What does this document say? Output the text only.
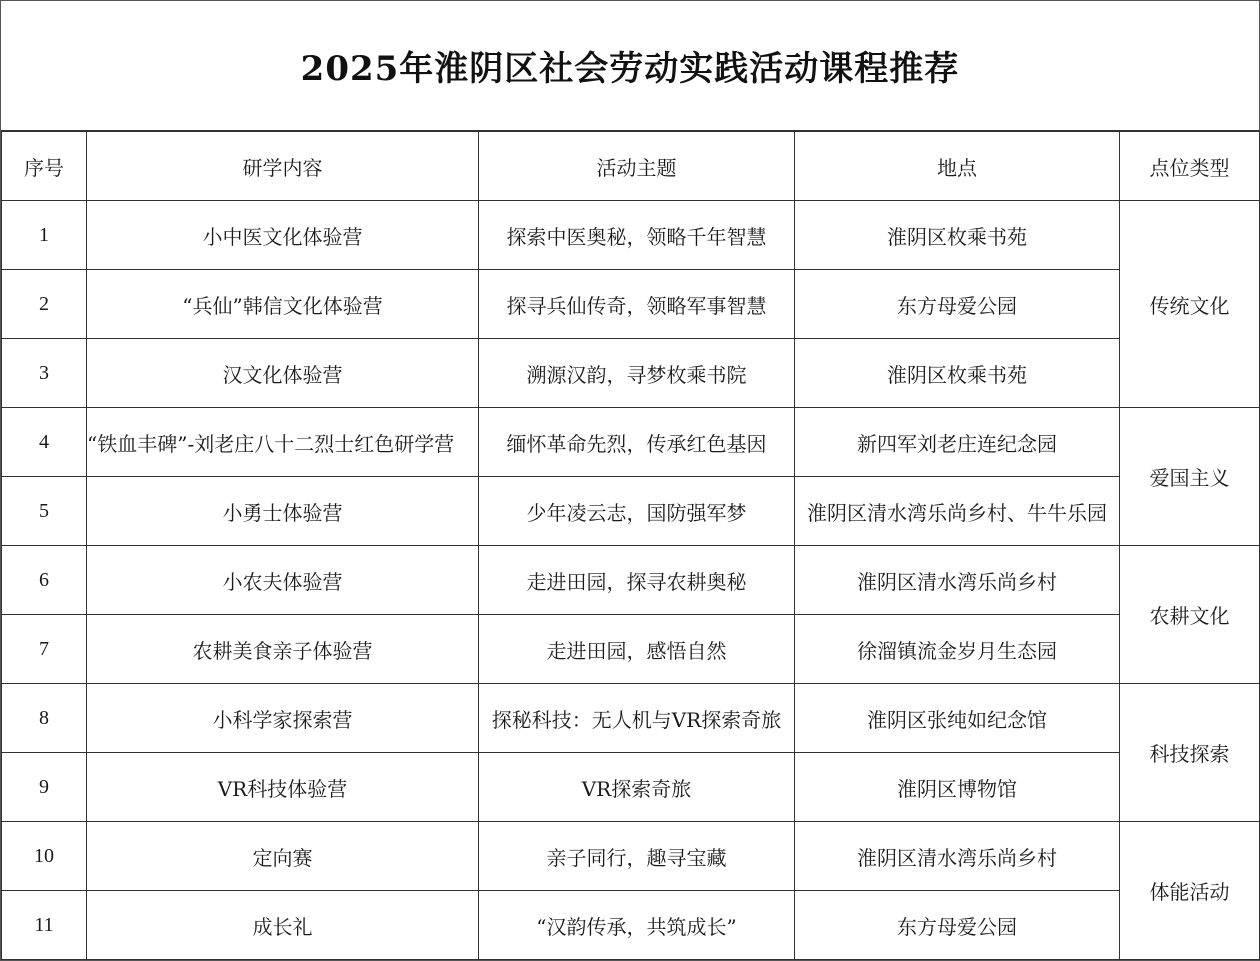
2025年淮阴区社会劳动实践活动课程推荐
序号	研学内容	活动主题	地点	点位类型
1	小中医文化体验营	探索中医奥秘，领略千年智慧	淮阴区枚乘书苑	传统文化
2	“兵仙”韩信文化体验营	探寻兵仙传奇，领略军事智慧	东方母爱公园	
3	汉文化体验营	溯源汉韵，寻梦枚乘书院	淮阴区枚乘书苑	
4	“铁血丰碑”-刘老庄八十二烈士红色研学营	缅怀革命先烈，传承红色基因	新四军刘老庄连纪念园	爱国主义
5	小勇士体验营	少年凌云志，国防强军梦	淮阴区清水湾乐尚乡村、牛牛乐园	
6	小农夫体验营	走进田园，探寻农耕奥秘	淮阴区清水湾乐尚乡村	农耕文化
7	农耕美食亲子体验营	走进田园，感悟自然	徐溜镇流金岁月生态园	
8	小科学家探索营	探秘科技：无人机与VR探索奇旅	淮阴区张纯如纪念馆	科技探索
9	VR科技体验营	VR探索奇旅	淮阴区博物馆	
10	定向赛	亲子同行，趣寻宝藏	淮阴区清水湾乐尚乡村	体能活动
11	成长礼	“汉韵传承，共筑成长”	东方母爱公园	
